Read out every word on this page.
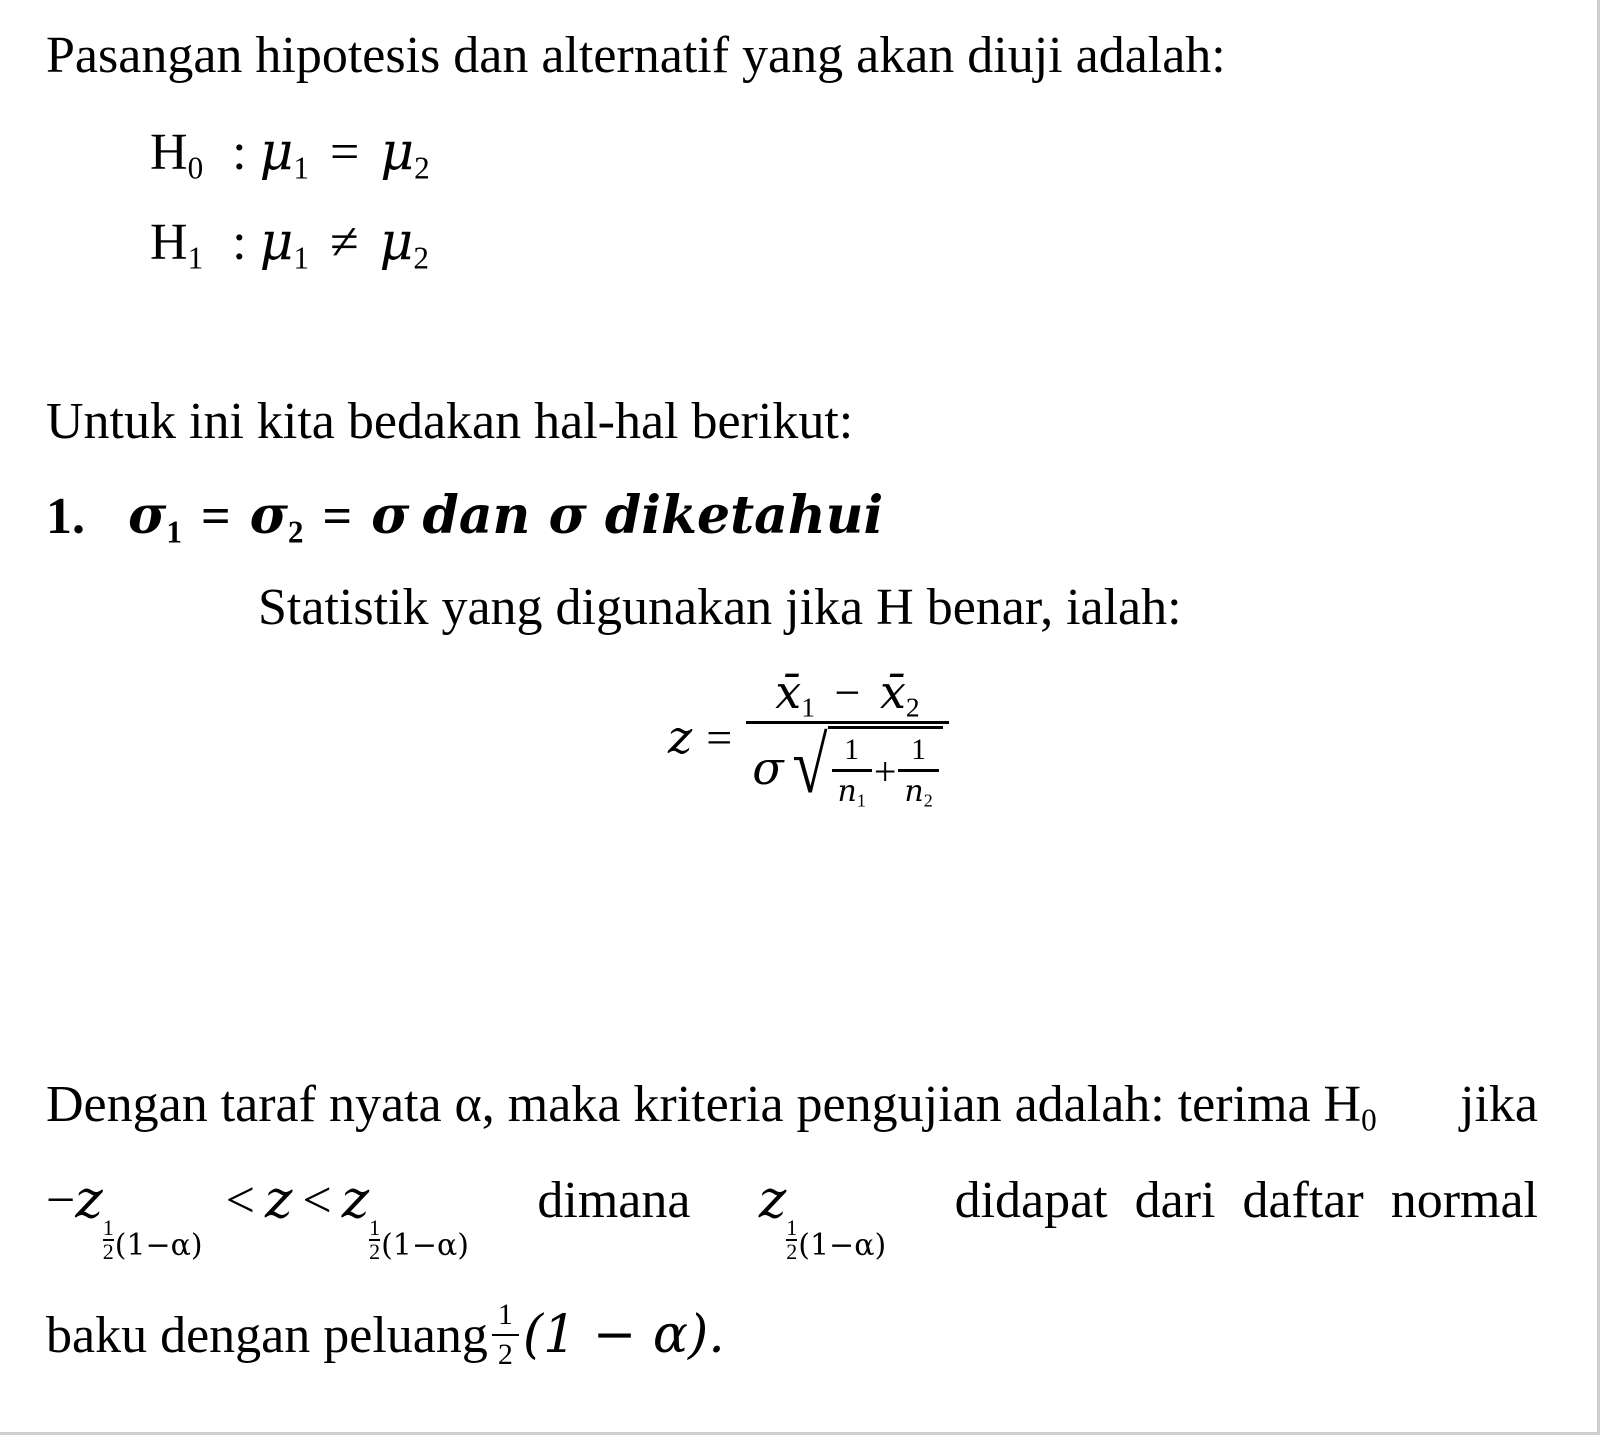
Pasangan hipotesis dan alternatif yang akan diuji adalah:
$H_0$ : $\mu_1 = \mu_2$
$H_1$ : $\mu_1 \ne \mu_2$
Untuk ini kita bedakan hal-hal berikut:
1. $\sigma_1 = \sigma_2 = \sigma$ dan σ diketahui
Statistik yang digunakan jika H benar, ialah:
z =
$x̄_1$ − $x̄_2$
σ √ $\frac{1}{n_1} + \frac{1}{n_2}$
Dengan taraf nyata α, maka kriteria pengujian adalah: terima $H_0$ jika
−z 1
2 (1−α)
< z < z 1
2 (1−α)
dimana z 1
2 (1−α)
didapat dari daftar normal
baku dengan peluang $\frac{1}{2} (1 - \alpha)$.
